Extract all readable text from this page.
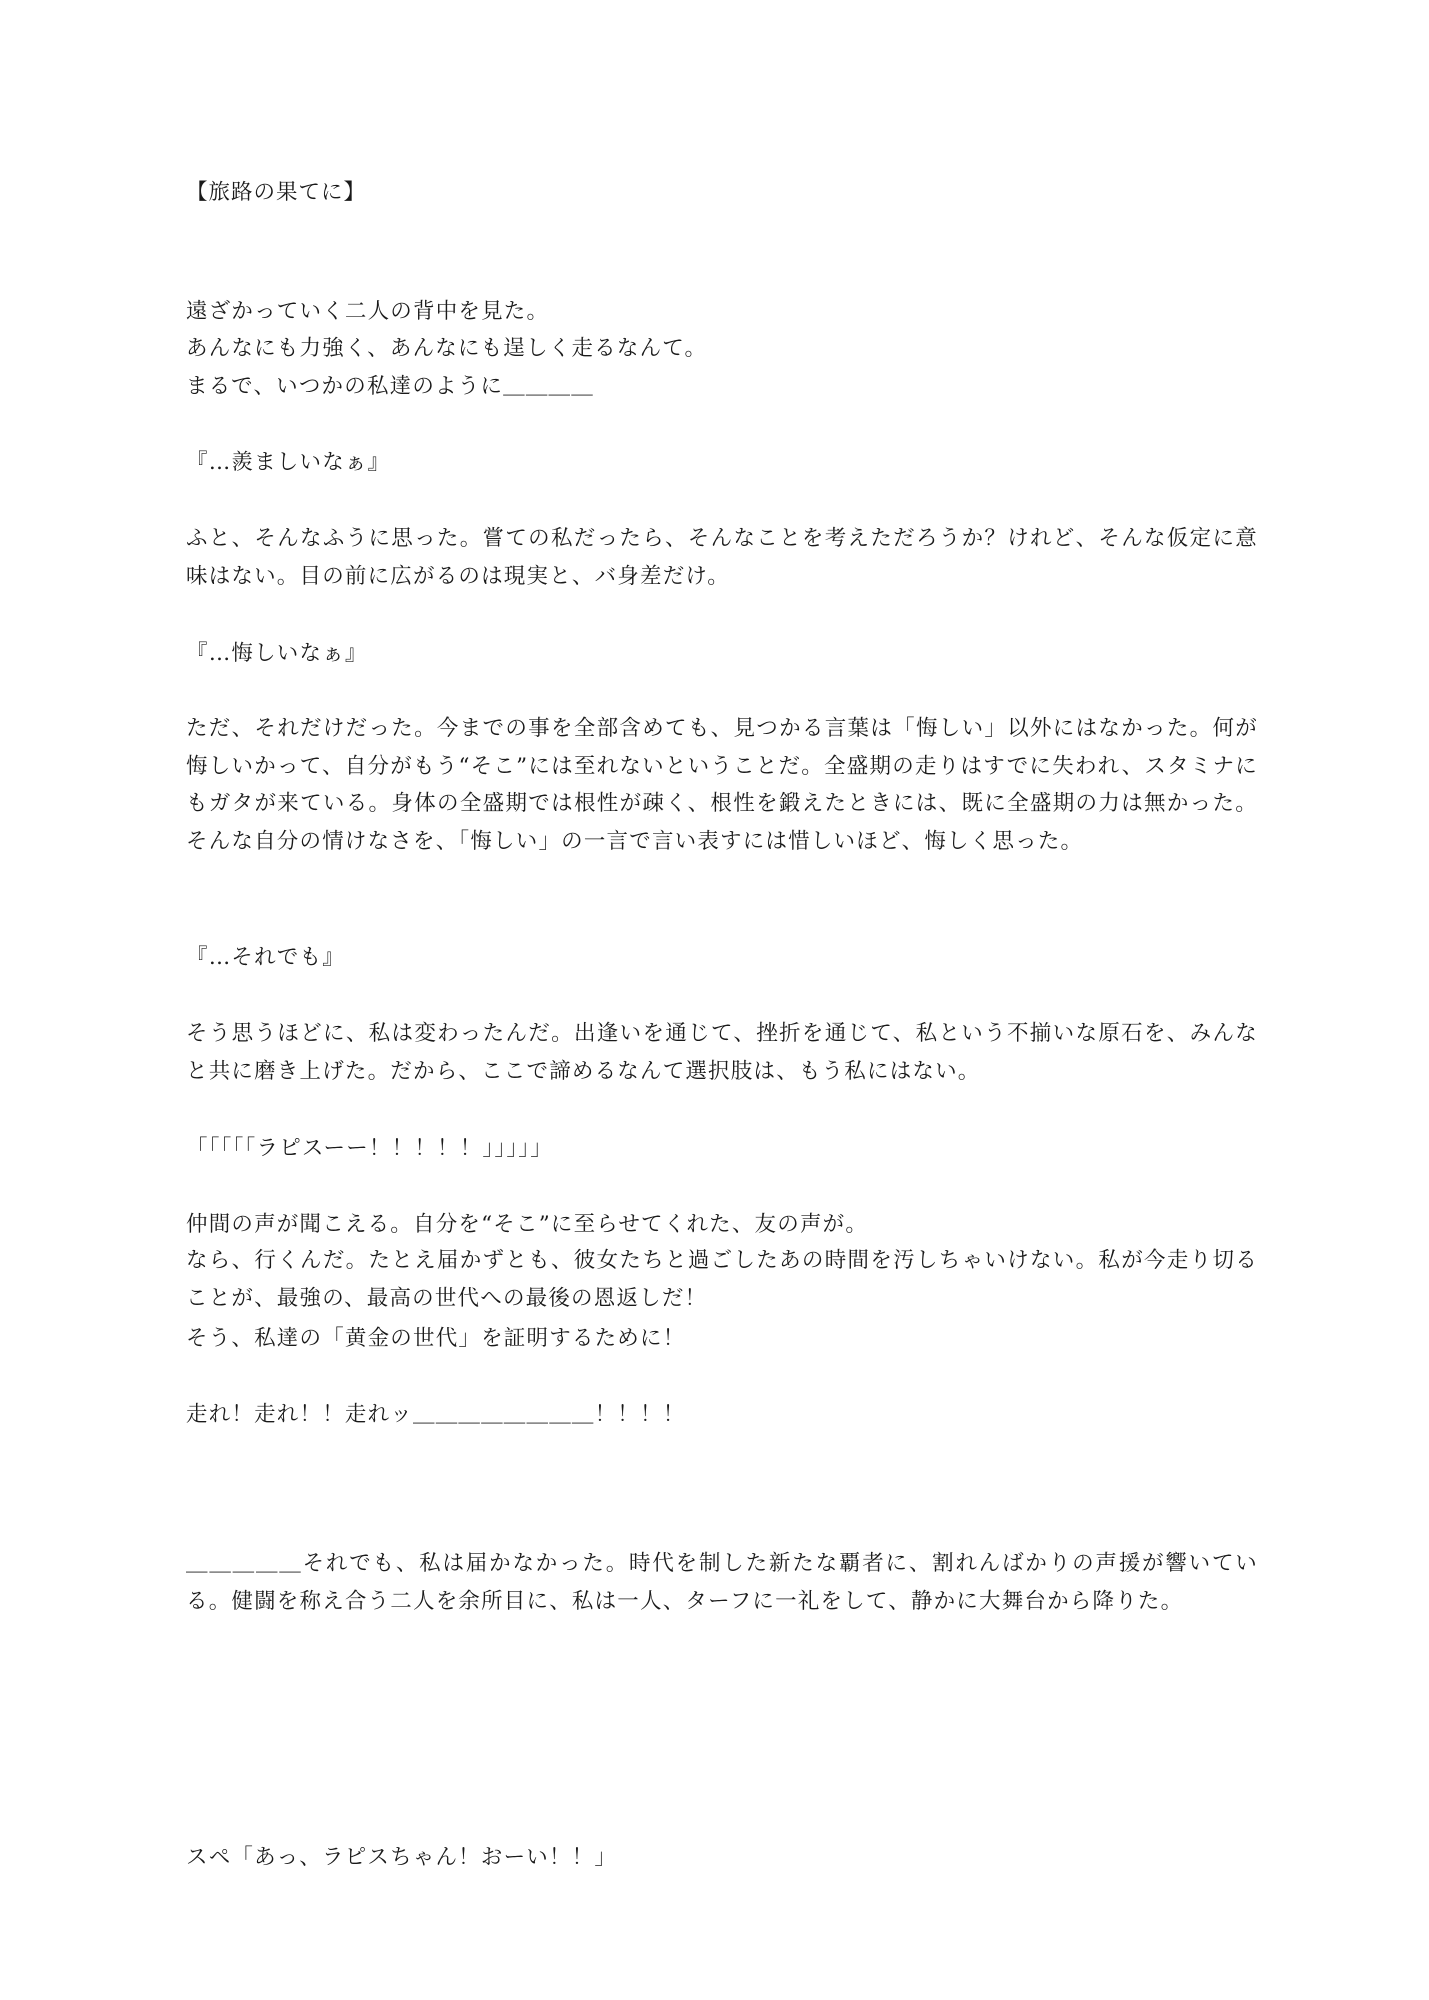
【旅路の果てに】
遠ざかっていく二人の背中を見た。
あんなにも力強く、あんなにも逞しく走るなんて。
まるで、いつかの私達のように＿＿＿＿
『…羨ましいなぁ』
ふと、そんなふうに思った。嘗ての私だったら、そんなことを考えただろうか？けれど、そんな仮定に意味はない。目の前に広がるのは現実と、バ身差だけ。
『…悔しいなぁ』
ただ、それだけだった。今までの事を全部含めても、見つかる言葉は「悔しい」以外にはなかった。何が悔しいかって、自分がもう“そこ”には至れないということだ。全盛期の走りはすでに失われ、スタミナにもガタが来ている。身体の全盛期では根性が疎く、根性を鍛えたときには、既に全盛期の力は無かった。そんな自分の情けなさを、「悔しい」の一言で言い表すには惜しいほど、悔しく思った。
『…それでも』
そう思うほどに、私は変わったんだ。出逢いを通じて、挫折を通じて、私という不揃いな原石を、みんなと共に磨き上げた。だから、ここで諦めるなんて選択肢は、もう私にはない。
「「「「「ラピスーー！！！！！」」」」」
仲間の声が聞こえる。自分を“そこ”に至らせてくれた、友の声が。
なら、行くんだ。たとえ届かずとも、彼女たちと過ごしたあの時間を汚しちゃいけない。私が今走り切ることが、最強の、最高の世代への最後の恩返しだ！
そう、私達の「黄金の世代」を証明するために！
走れ！走れ！！走れッ＿＿＿＿＿＿＿＿！！！！
＿＿＿＿＿それでも、私は届かなかった。時代を制した新たな覇者に、割れんばかりの声援が響いている。健闘を称え合う二人を余所目に、私は一人、ターフに一礼をして、静かに大舞台から降りた。
スペ「あっ、ラピスちゃん！おーい！！」
